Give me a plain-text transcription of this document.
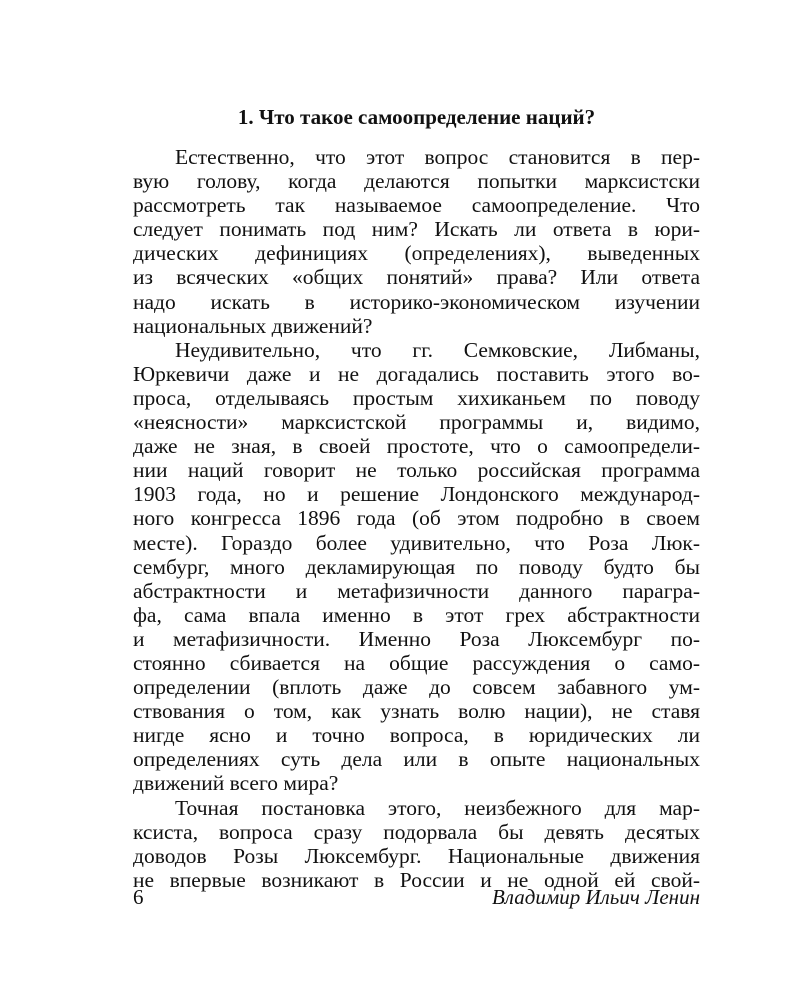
1. Что такое самоопределение наций?
Естественно, что этот вопрос становится в пер-
вую голову, когда делаются попытки марксистски
рассмотреть так называемое самоопределение. Что
следует понимать под ним? Искать ли ответа в юри-
дических дефинициях (определениях), выведенных
из всяческих «общих понятий» права? Или ответа
надо искать в историко-экономическом изучении
национальных движений?
Неудивительно, что гг. Семковские, Либманы,
Юркевичи даже и не догадались поставить этого во-
проса, отделываясь простым хихиканьем по поводу
«неясности» марксистской программы и, видимо,
даже не зная, в своей простоте, что о самоопредели-
нии наций говорит не только российская программа
1903 года, но и решение Лондонского международ-
ного конгресса 1896 года (об этом подробно в своем
месте). Гораздо более удивительно, что Роза Люк-
сембург, много декламирующая по поводу будто бы
абстрактности и метафизичности данного парагра-
фа, сама впала именно в этот грех абстрактности
и метафизичности. Именно Роза Люксембург по-
стоянно сбивается на общие рассуждения о само-
определении (вплоть даже до совсем забавного ум-
ствования о том, как узнать волю нации), не ставя
нигде ясно и точно вопроса, в юридических ли
определениях суть дела или в опыте национальных
движений всего мира?
Точная постановка этого, неизбежного для мар-
ксиста, вопроса сразу подорвала бы девять десятых
доводов Розы Люксембург. Национальные движения
не впервые возникают в России и не одной ей свой-
6	Владимир Ильич Ленин
